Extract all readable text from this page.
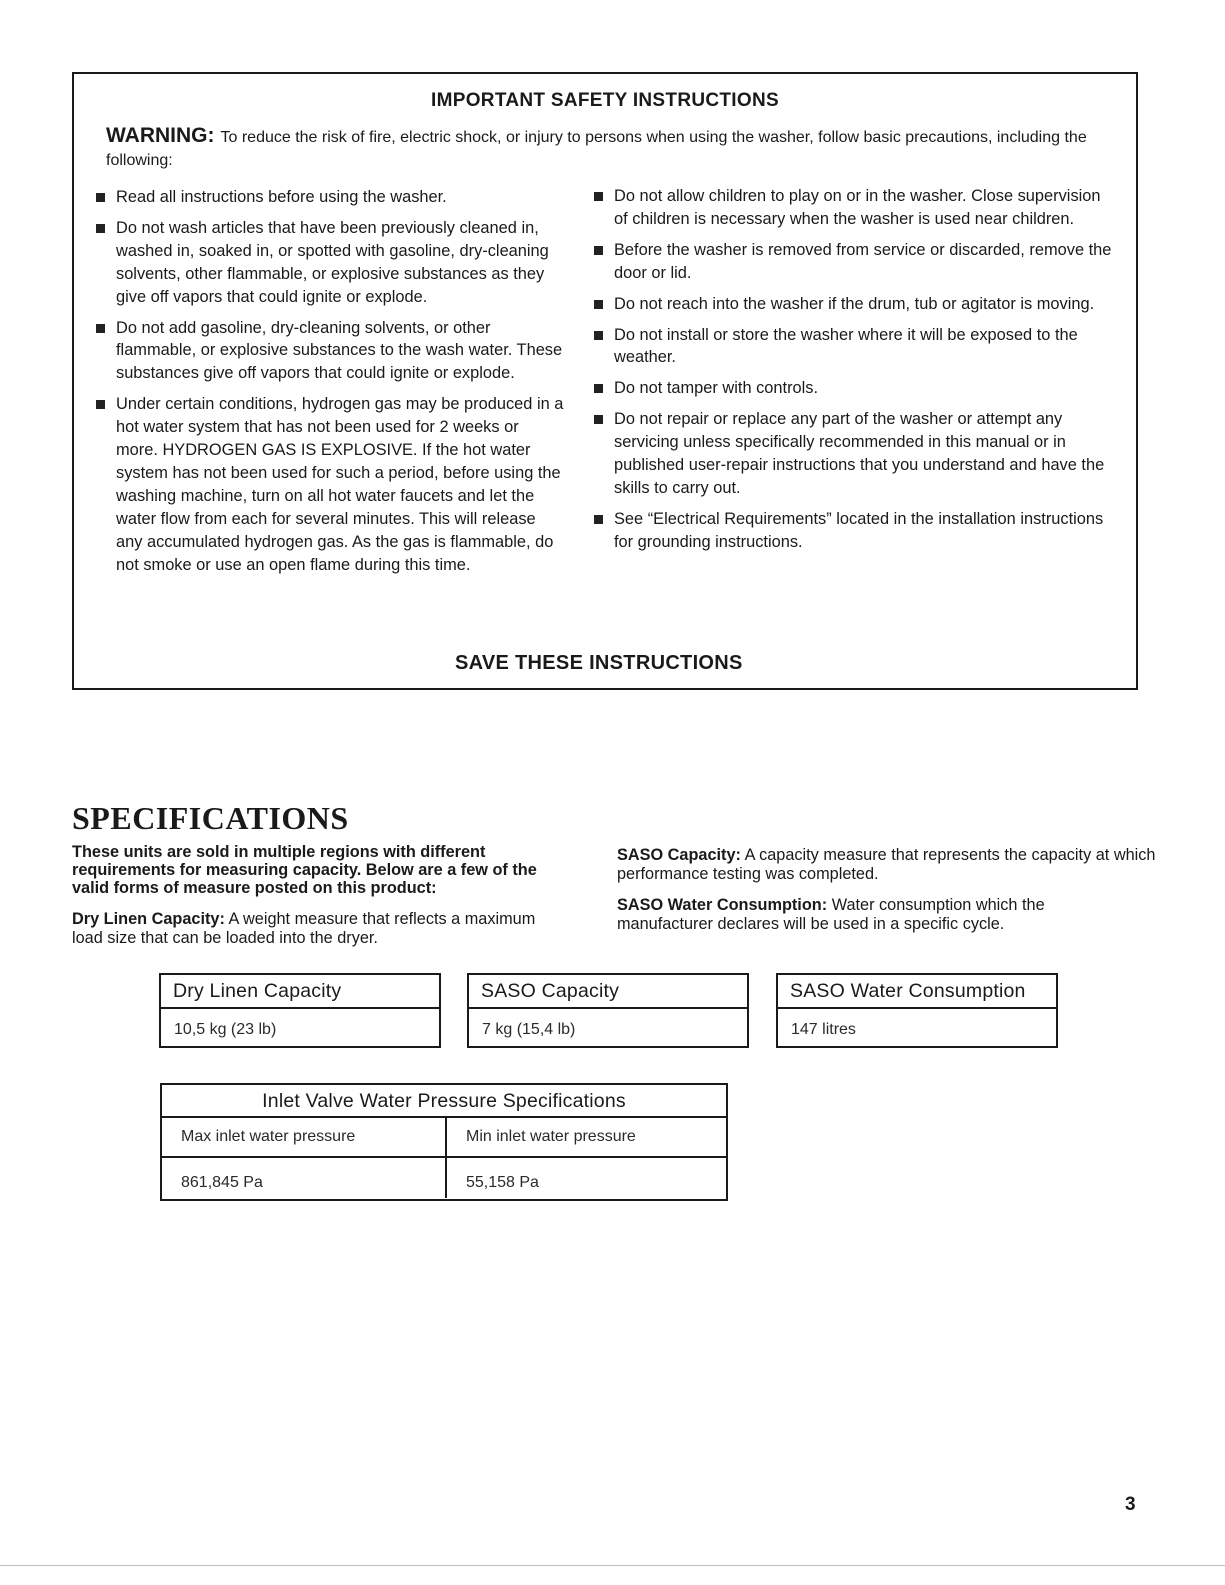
IMPORTANT SAFETY INSTRUCTIONS
WARNING: To reduce the risk of fire, electric shock, or injury to persons when using the washer, follow basic precautions, including the following:
Read all instructions before using the washer.
Do not wash articles that have been previously cleaned in, washed in, soaked in, or spotted with gasoline, dry-cleaning solvents, other flammable, or explosive substances as they give off vapors that could ignite or explode.
Do not add gasoline, dry-cleaning solvents, or other flammable, or explosive substances to the wash water. These substances give off vapors that could ignite or explode.
Under certain conditions, hydrogen gas may be produced in a hot water system that has not been used for 2 weeks or more. HYDROGEN GAS IS EXPLOSIVE. If the hot water system has not been used for such a period, before using the washing machine, turn on all hot water faucets and let the water flow from each for several minutes. This will release any accumulated hydrogen gas. As the gas is flammable, do not smoke or use an open flame during this time.
Do not allow children to play on or in the washer. Close supervision of children is necessary when the washer is used near children.
Before the washer is removed from service or discarded, remove the door or lid.
Do not reach into the washer if the drum, tub or agitator is moving.
Do not install or store the washer where it will be exposed to the weather.
Do not tamper with controls.
Do not repair or replace any part of the washer or attempt any servicing unless specifically recommended in this manual or in published user-repair instructions that you understand and have the skills to carry out.
See “Electrical Requirements” located in the installation instructions for grounding instructions.
SAVE THESE INSTRUCTIONS
SPECIFICATIONS
These units are sold in multiple regions with different requirements for measuring capacity. Below are a few of the valid forms of measure posted on this product:
Dry Linen Capacity: A weight measure that reflects a maximum load size that can be loaded into the dryer.
SASO Capacity: A capacity measure that represents the capacity at which performance testing was completed.
SASO Water Consumption: Water consumption which the manufacturer declares will be used in a specific cycle.
Dry Linen Capacity
10,5 kg (23 lb)
SASO Capacity
7 kg (15,4 lb)
SASO Water Consumption
147 litres
Inlet Valve Water Pressure Specifications
Max inlet water pressure	Min inlet water pressure
861,845 Pa	55,158 Pa
3
